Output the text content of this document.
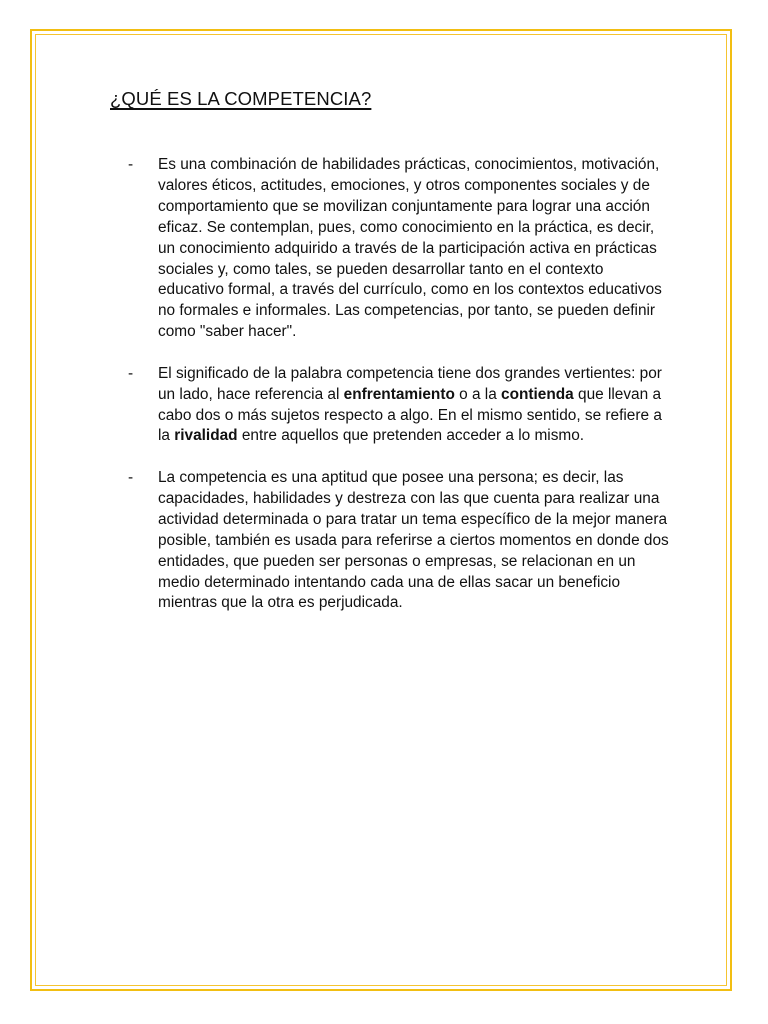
¿QUÉ ES LA COMPETENCIA?
-	Es una combinación de habilidades prácticas, conocimientos, motivación, valores éticos, actitudes, emociones, y otros componentes sociales y de comportamiento que se movilizan conjuntamente para lograr una acción eficaz. Se contemplan, pues, como conocimiento en la práctica, es decir, un conocimiento adquirido a través de la participación activa en prácticas sociales y, como tales, se pueden desarrollar tanto en el contexto educativo formal, a través del currículo, como en los contextos educativos no formales e informales. Las competencias, por tanto, se pueden definir como "saber hacer".
-	El significado de la palabra competencia tiene dos grandes vertientes: por un lado, hace referencia al enfrentamiento o a la contienda que llevan a cabo dos o más sujetos respecto a algo. En el mismo sentido, se refiere a la rivalidad entre aquellos que pretenden acceder a lo mismo.
-	La competencia es una aptitud que posee una persona; es decir, las capacidades, habilidades y destreza con las que cuenta para realizar una actividad determinada o para tratar un tema específico de la mejor manera posible, también es usada para referirse a ciertos momentos en donde dos entidades, que pueden ser personas o empresas, se relacionan en un medio determinado intentando cada una de ellas sacar un beneficio mientras que la otra es perjudicada.
